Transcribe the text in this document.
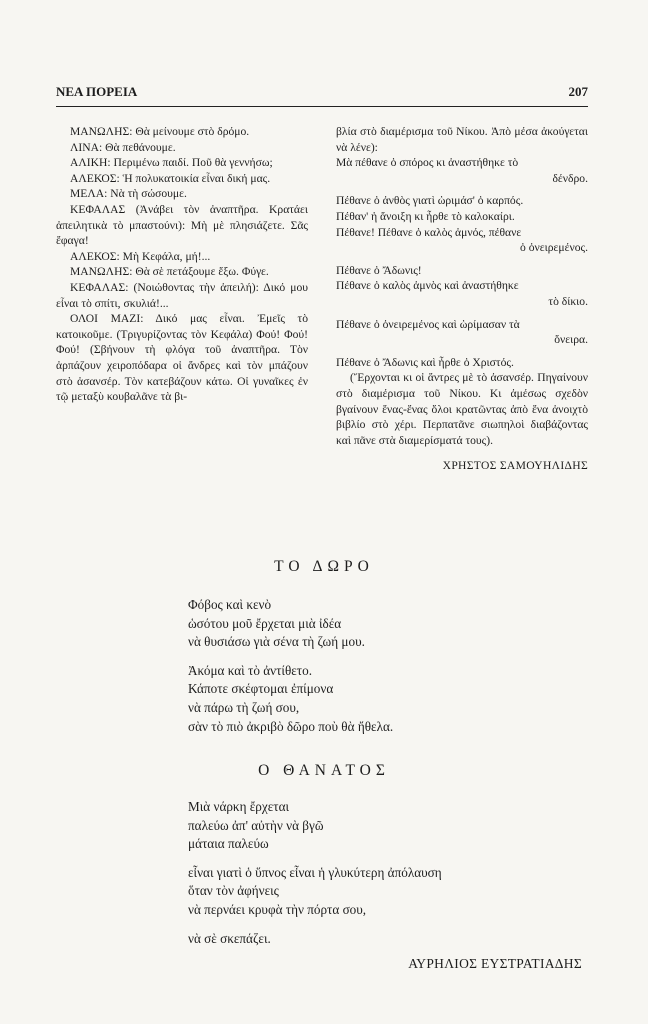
ΝΕΑ ΠΟΡΕΙΑ	207

ΜΑΝΩΛΗΣ: Θὰ μείνουμε στὸ δρόμο.

ΛΙΝΑ: Θὰ πεθάνουμε.

ΑΛΙΚΗ: Περιμένω παιδί. Ποῦ θὰ γεννήσω;

ΑΛΕΚΟΣ: Ἡ πολυκατοικία εἶναι δική μας.

ΜΕΛΑ: Νὰ τὴ σώσουμε.

ΚΕΦΑΛΑΣ (Ἀνάβει τὸν ἀναπτῆρα. Κρατάει ἀπειλητικὰ τὸ μπαστούνι): Μὴ μὲ πλησιάζετε. Σᾶς ἔφαγα!

ΑΛΕΚΟΣ: Μὴ Κεφάλα, μή!...

ΜΑΝΩΛΗΣ: Θὰ σὲ πετάξουμε ἔξω. Φύγε.

ΚΕΦΑΛΑΣ: (Νοιώθοντας τὴν ἀπειλή): Δικό μου εἶναι τὸ σπίτι, σκυλιά!...

ΟΛΟΙ ΜΑΖΙ: Δικό μας εἶναι. Ἐμεῖς τὸ κατοικοῦμε. (Τριγυρίζοντας τὸν Κεφάλα) Φού! Φού! Φού! (Σβήνουν τὴ φλόγα τοῦ ἀναπτῆρα. Τὸν ἁρπάζουν χειροπόδαρα οἱ ἄνδρες καὶ τὸν μπάζουν στὸ ἀσανσέρ. Τὸν κατεβάζουν κάτω. Οἱ γυναῖκες ἐν τῷ μεταξὺ κουβαλᾶνε τὰ βι-

βλία στὸ διαμέρισμα τοῦ Νίκου. Ἀπὸ μέσα ἀκούγεται νὰ λένε):

Μὰ πέθανε ὁ σπόρος κι ἀναστήθηκε τὸ

δένδρο.

Πέθανε ὁ ἀνθὸς γιατὶ ὡριμάσ' ὁ καρπός.

Πέθαν' ἡ ἄνοιξη κι ἦρθε τὸ καλοκαίρι.

Πέθανε! Πέθανε ὁ καλὸς ἀμνός, πέθανε

ὁ ὀνειρεμένος.

Πέθανε ὁ Ἄδωνις!

Πέθανε ὁ καλὸς ἀμνὸς καὶ ἀναστήθηκε

τὸ δίκιο.

Πέθανε ὁ ὀνειρεμένος καὶ ὡρίμασαν τὰ

ὄνειρα.

Πέθανε ὁ Ἄδωνις καὶ ἦρθε ὁ Χριστός.

(Ἔρχονται κι οἱ ἄντρες μὲ τὸ ἀσανσέρ. Πηγαίνουν στὸ διαμέρισμα τοῦ Νίκου. Κι ἀμέσως σχεδὸν βγαίνουν ἕνας-ἕνας ὅλοι κρατῶντας ἀπὸ ἕνα ἀνοιχτὸ βιβλίο στὸ χέρι. Περπατᾶνε σιωπηλοὶ διαβάζοντας καὶ πᾶνε στὰ διαμερίσματά τους).

ΧΡΗΣΤΟΣ ΣΑΜΟΥΗΛΙΔΗΣ

ΤΟ ΔΩΡΟ
Φόβος καὶ κενὸ
ὡσότου μοῦ ἔρχεται μιὰ ἰδέα
νὰ θυσιάσω γιὰ σένα τὴ ζωή μου.
Ἀκόμα καὶ τὸ ἀντίθετο.
Κάποτε σκέφτομαι ἐπίμονα
νὰ πάρω τὴ ζωή σου,
σὰν τὸ πιὸ ἀκριβὸ δῶρο ποὺ θὰ ἤθελα.
Ο ΘΑΝΑΤΟΣ
Μιὰ νάρκη ἔρχεται
παλεύω ἀπ' αὐτὴν νὰ βγῶ
μάταια παλεύω
εἶναι γιατὶ ὁ ὕπνος εἶναι ἡ γλυκύτερη ἀπόλαυση
ὅταν τὸν ἀφήνεις
νὰ περνάει κρυφὰ τὴν πόρτα σου,
νὰ σὲ σκεπάζει.
ΑΥΡΗΛΙΟΣ ΕΥΣΤΡΑΤΙΑΔΗΣ
